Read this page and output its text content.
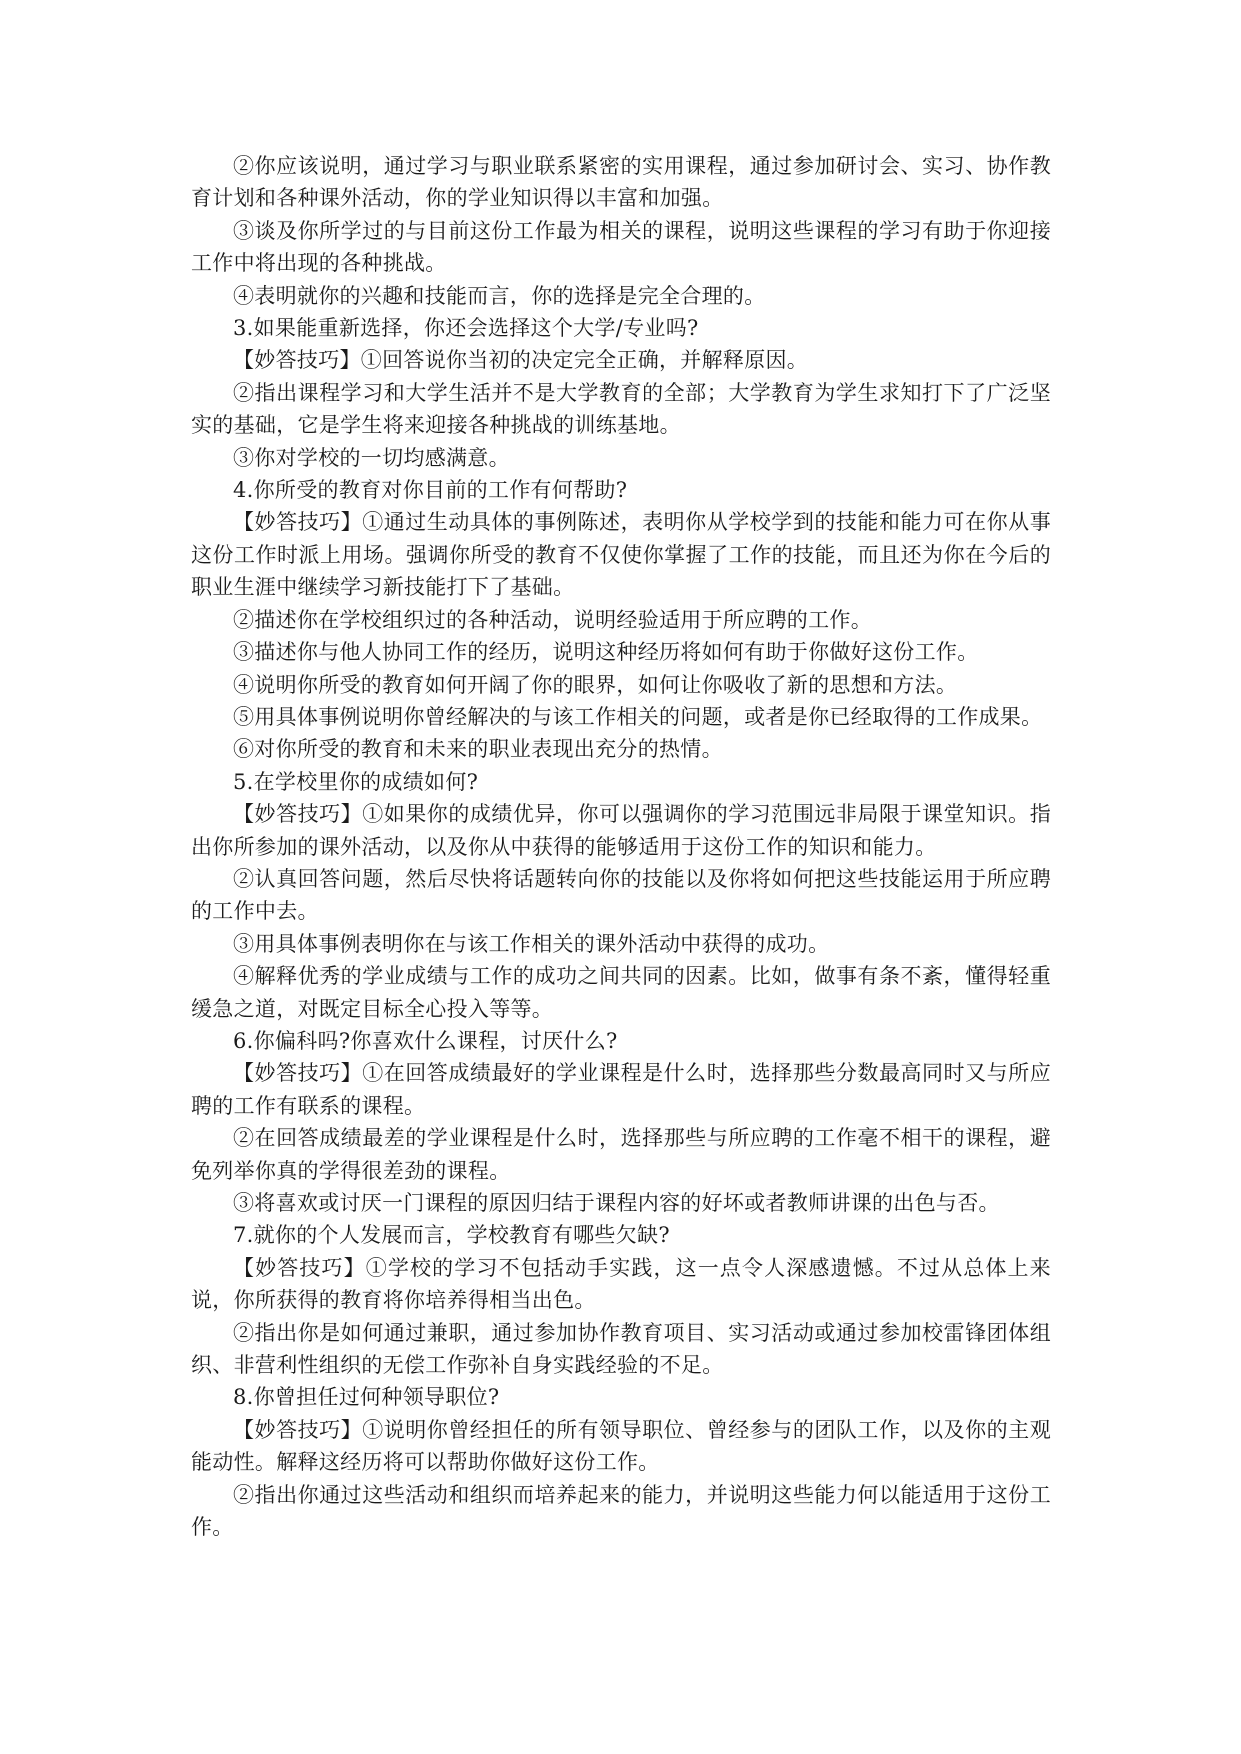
②你应该说明，通过学习与职业联系紧密的实用课程，通过参加研讨会、实习、协作教育计划和各种课外活动，你的学业知识得以丰富和加强。

③谈及你所学过的与目前这份工作最为相关的课程，说明这些课程的学习有助于你迎接工作中将出现的各种挑战。

④表明就你的兴趣和技能而言，你的选择是完全合理的。

3.如果能重新选择，你还会选择这个大学/专业吗?

【妙答技巧】①回答说你当初的决定完全正确，并解释原因。

②指出课程学习和大学生活并不是大学教育的全部；大学教育为学生求知打下了广泛坚实的基础，它是学生将来迎接各种挑战的训练基地。

③你对学校的一切均感满意。

4.你所受的教育对你目前的工作有何帮助?

【妙答技巧】①通过生动具体的事例陈述，表明你从学校学到的技能和能力可在你从事这份工作时派上用场。强调你所受的教育不仅使你掌握了工作的技能，而且还为你在今后的职业生涯中继续学习新技能打下了基础。

②描述你在学校组织过的各种活动，说明经验适用于所应聘的工作。

③描述你与他人协同工作的经历，说明这种经历将如何有助于你做好这份工作。

④说明你所受的教育如何开阔了你的眼界，如何让你吸收了新的思想和方法。

⑤用具体事例说明你曾经解决的与该工作相关的问题，或者是你已经取得的工作成果。

⑥对你所受的教育和未来的职业表现出充分的热情。

5.在学校里你的成绩如何?

【妙答技巧】①如果你的成绩优异，你可以强调你的学习范围远非局限于课堂知识。指出你所参加的课外活动，以及你从中获得的能够适用于这份工作的知识和能力。

②认真回答问题，然后尽快将话题转向你的技能以及你将如何把这些技能运用于所应聘的工作中去。

③用具体事例表明你在与该工作相关的课外活动中获得的成功。

④解释优秀的学业成绩与工作的成功之间共同的因素。比如，做事有条不紊，懂得轻重缓急之道，对既定目标全心投入等等。

6.你偏科吗?你喜欢什么课程，讨厌什么?

【妙答技巧】①在回答成绩最好的学业课程是什么时，选择那些分数最高同时又与所应聘的工作有联系的课程。

②在回答成绩最差的学业课程是什么时，选择那些与所应聘的工作毫不相干的课程，避免列举你真的学得很差劲的课程。

③将喜欢或讨厌一门课程的原因归结于课程内容的好坏或者教师讲课的出色与否。

7.就你的个人发展而言，学校教育有哪些欠缺?

【妙答技巧】①学校的学习不包括动手实践，这一点令人深感遗憾。不过从总体上来说，你所获得的教育将你培养得相当出色。

②指出你是如何通过兼职，通过参加协作教育项目、实习活动或通过参加校雷锋团体组织、非营利性组织的无偿工作弥补自身实践经验的不足。

8.你曾担任过何种领导职位?

【妙答技巧】①说明你曾经担任的所有领导职位、曾经参与的团队工作，以及你的主观能动性。解释这经历将可以帮助你做好这份工作。

②指出你通过这些活动和组织而培养起来的能力，并说明这些能力何以能适用于这份工作。
